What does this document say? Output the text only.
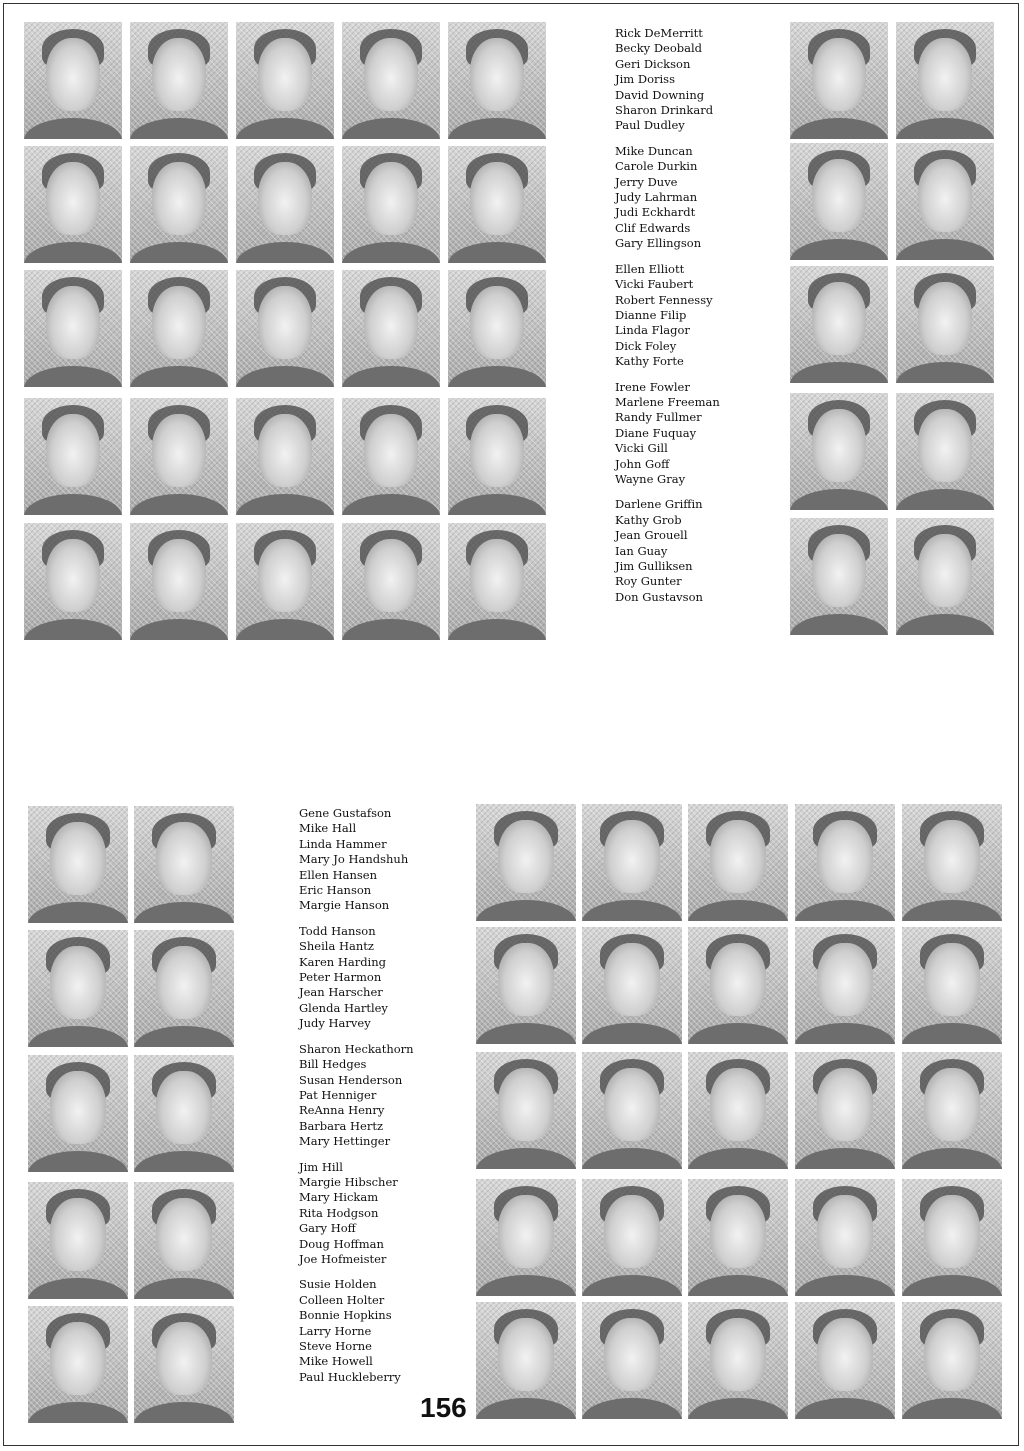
Rick DeMerritt
Becky Deobald
Geri Dickson
Jim Doriss
David Downing
Sharon Drinkard
Paul Dudley
Mike Duncan
Carole Durkin
Jerry Duve
Judy Lahrman
Judi Eckhardt
Clif Edwards
Gary Ellingson
Ellen Elliott
Vicki Faubert
Robert Fennessy
Dianne Filip
Linda Flagor
Dick Foley
Kathy Forte
Irene Fowler
Marlene Freeman
Randy Fullmer
Diane Fuquay
Vicki Gill
John Goff
Wayne Gray
Darlene Griffin
Kathy Grob
Jean Grouell
Ian Guay
Jim Gulliksen
Roy Gunter
Don Gustavson
Gene Gustafson
Mike Hall
Linda Hammer
Mary Jo Handshuh
Ellen Hansen
Eric Hanson
Margie Hanson
Todd Hanson
Sheila Hantz
Karen Harding
Peter Harmon
Jean Harscher
Glenda Hartley
Judy Harvey
Sharon Heckathorn
Bill Hedges
Susan Henderson
Pat Henniger
ReAnna Henry
Barbara Hertz
Mary Hettinger
Jim Hill
Margie Hibscher
Mary Hickam
Rita Hodgson
Gary Hoff
Doug Hoffman
Joe Hofmeister
Susie Holden
Colleen Holter
Bonnie Hopkins
Larry Horne
Steve Horne
Mike Howell
Paul Huckleberry
156
